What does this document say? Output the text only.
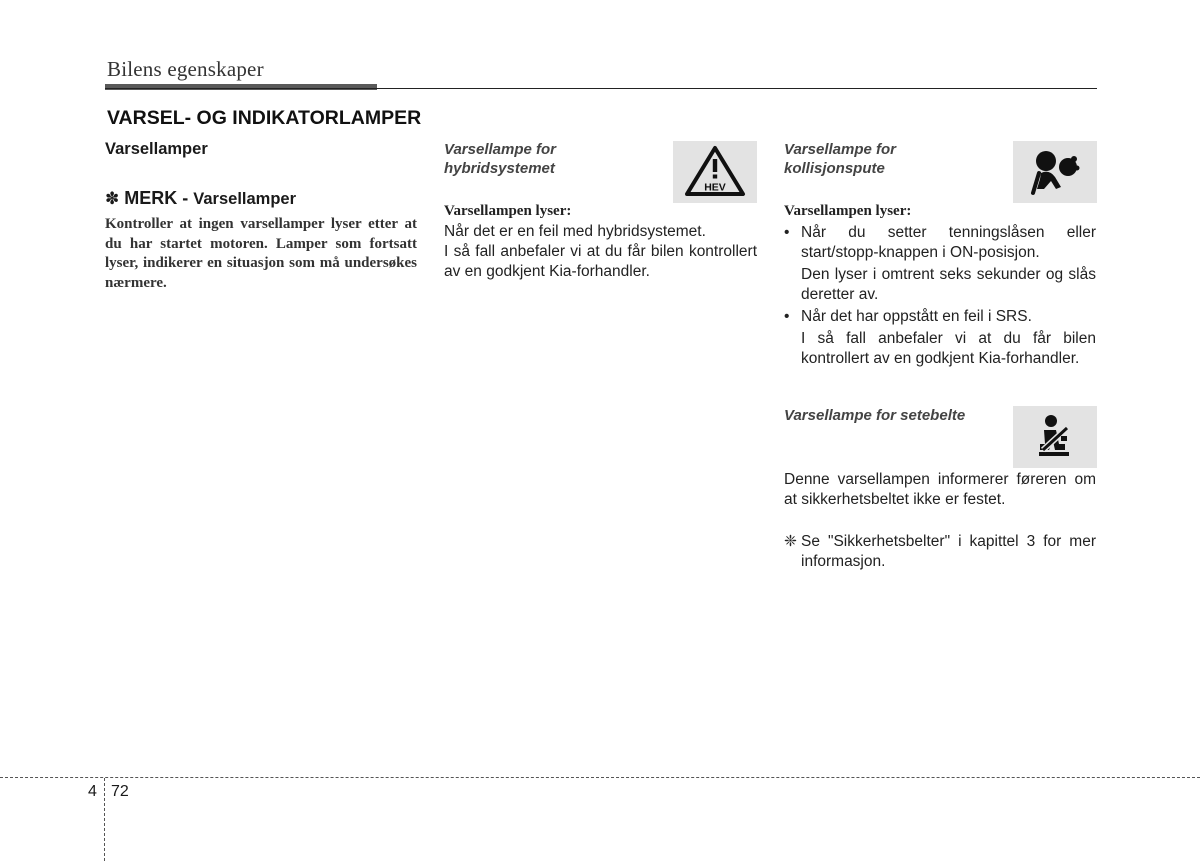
Bilens egenskaper
VARSEL- OG INDIKATORLAMPER
Varsellamper
✽ MERK - Varsellamper
Kontroller at ingen varsellamper lyser etter at du har startet motoren. Lamper som fortsatt lyser, indikerer en situasjon som må undersøkes nærmere.
Varsellampe for
hybridsystemet
HEV
Varsellampen lyser:
Når det er en feil med hybridsystemet.
I så fall anbefaler vi at du får bilen kontrollert av en godkjent Kia-forhandler.
Varsellampe for
kollisjonspute
Varsellampen lyser:
• Når du setter tenningslåsen eller start/stopp-knappen i ON-posisjon.
Den lyser i omtrent seks sekunder og slås deretter av.
• Når det har oppstått en feil i SRS.
I så fall anbefaler vi at du får bilen kontrollert av en godkjent Kia-forhandler.
Varsellampe for setebelte
Denne varsellampen informerer føreren om at sikkerhetsbeltet ikke er festet.
❈ Se "Sikkerhetsbelter" i kapittel 3 for mer informasjon.
4 72
